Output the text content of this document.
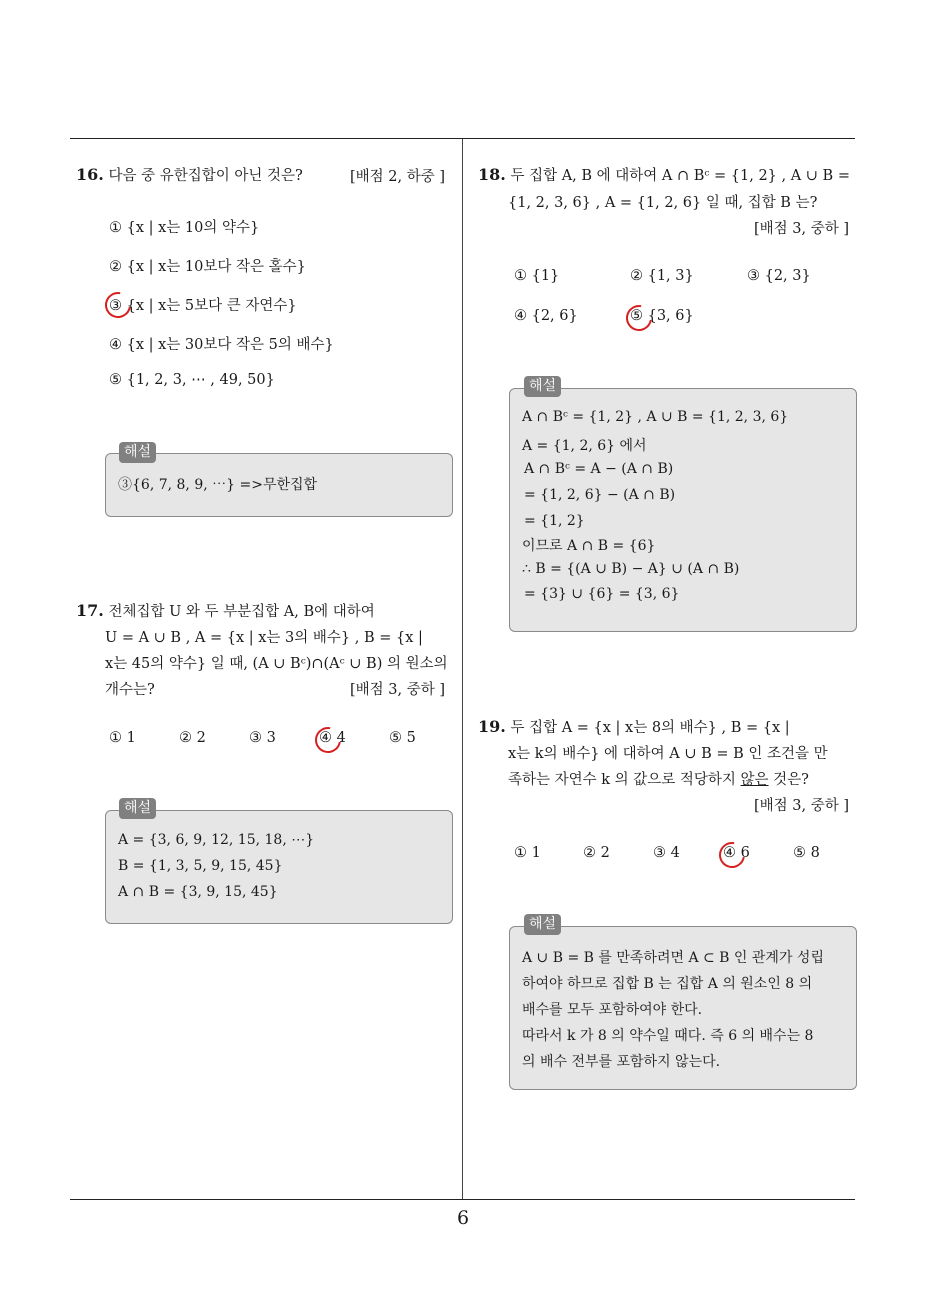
16. 다음 중 유한집합이 아닌 것은?	[배점 2, 하중 ]
① {x | x는 10의 약수}
② {x | x는 10보다 작은 홀수}
③ {x | x는 5보다 큰 자연수}
④ {x | x는 30보다 작은 5의 배수}
⑤ {1, 2, 3, ⋯ , 49, 50}
③{6, 7, 8, 9, ⋯} =>무한집합
해설
17. 전체집합 U 와 두 부분집합 A, B에 대하여
U = A ∪ B , A = {x | x는 3의 배수} , B = {x |
x는 45의 약수} 일 때, (A ∪ Bᶜ)∩(Aᶜ ∪ B) 의 원소의
개수는?	[배점 3, 중하 ]
① 1	② 2	③ 3	④ 4	⑤ 5
A = {3, 6, 9, 12, 15, 18, ⋯}
B = {1, 3, 5, 9, 15, 45}
A ∩ B = {3, 9, 15, 45}
해설
18. 두 집합 A, B 에 대하여 A ∩ Bᶜ = {1, 2} , A ∪ B =
{1, 2, 3, 6} , A = {1, 2, 6} 일 때, 집합 B 는?
[배점 3, 중하 ]
① {1}	② {1, 3}	③ {2, 3}
④ {2, 6}	⑤ {3, 6}
A ∩ Bᶜ = {1, 2} , A ∪ B = {1, 2, 3, 6}
A = {1, 2, 6} 에서
A ∩ Bᶜ = A − (A ∩ B)
= {1, 2, 6} − (A ∩ B)
= {1, 2}
이므로 A ∩ B = {6}
∴ B = {(A ∪ B) − A} ∪ (A ∩ B)
= {3} ∪ {6} = {3, 6}
해설
19. 두 집합 A = {x | x는 8의 배수} , B = {x |
x는 k의 배수} 에 대하여 A ∪ B = B 인 조건을 만
족하는 자연수 k 의 값으로 적당하지 않은 것은?
[배점 3, 중하 ]
① 1	② 2	③ 4	④ 6	⑤ 8
A ∪ B = B 를 만족하려면 A ⊂ B 인 관계가 성립
하여야 하므로 집합 B 는 집합 A 의 원소인 8 의
배수를 모두 포함하여야 한다.
따라서 k 가 8 의 약수일 때다. 즉 6 의 배수는 8
의 배수 전부를 포함하지 않는다.
해설
6
